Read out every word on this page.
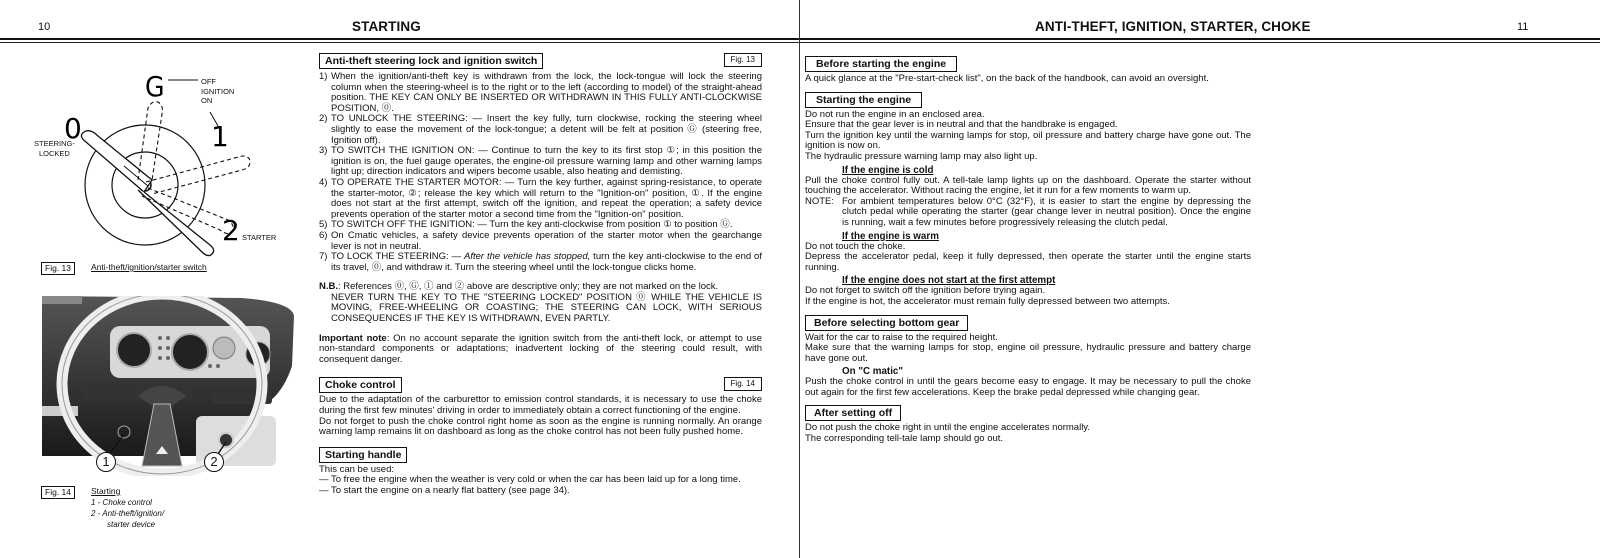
10	STARTING
G
0	1
2
OFF
IGNITION
ON
STEERING-
LOCKED
STARTER
Fig. 13	Anti-theft/ignition/starter switch
1	2
Fig. 14	Starting
1 - Choke control
2 - Anti-theft/ignition/
starter device
Anti-theft steering lock and ignition switch	Fig. 13
1) When the ignition/anti-theft key is withdrawn from the lock, the lock-tongue will lock the steering column when the steering-wheel is to the right or to the left (according to model) of the straight-ahead position. THE KEY CAN ONLY BE INSERTED OR WITHDRAWN IN THIS FULLY ANTI-CLOCKWISE POSITION, ⓪.
2) TO UNLOCK THE STEERING: — Insert the key fully, turn clockwise, rocking the steering wheel slightly to ease the movement of the lock-tongue; a detent will be felt at position Ⓖ (steering free, Ignition off).
3) TO SWITCH THE IGNITION ON: — Continue to turn the key to its first stop ①; in this position the ignition is on, the fuel gauge operates, the engine-oil pressure warning lamp and other warning lamps light up; direction indicators and wipers become usable, also heating and demisting.
4) TO OPERATE THE STARTER MOTOR: — Turn the key further, against spring-resistance, to operate the starter-motor, ②; release the key which will return to the "Ignition-on" position, ①. If the engine does not start at the first attempt, switch off the ignition, and repeat the operation; a safety device prevents operation of the starter motor a second time from the "Ignition-on" position.
5) TO SWITCH OFF THE IGNITION: — Turn the key anti-clockwise from position ① to position Ⓖ.
6) On Cmatic vehicles, a safety device prevents operation of the starter motor when the gearchange lever is not in neutral.
7) TO LOCK THE STEERING: — After the vehicle has stopped, turn the key anti-clockwise to the end of its travel, ⓪, and withdraw it. Turn the steering wheel until the lock-tongue clicks home.
N.B.: References ⓪, Ⓖ, ① and ② above are descriptive only; they are not marked on the lock.
NEVER TURN THE KEY TO THE "STEERING LOCKED" POSITION ⓪ WHILE THE VEHICLE IS MOVING, FREE-WHEELING OR COASTING; THE STEERING CAN LOCK, WITH SERIOUS CONSEQUENCES IF THE KEY IS WITHDRAWN, EVEN PARTLY.
Important note: On no account separate the ignition switch from the anti-theft lock, or attempt to use non-standard components or adaptations; inadvertent locking of the steering could result, with consequent danger.
Choke control	Fig. 14
Due to the adaptation of the carburettor to emission control standards, it is necessary to use the choke during the first few minutes' driving in order to immediately obtain a correct functioning of the engine.
Do not forget to push the choke control right home as soon as the engine is running normally. An orange warning lamp remains lit on dashboard as long as the choke control has not been fully pushed home.
Starting handle
This can be used:
— To free the engine when the weather is very cold or when the car has been laid up for a long time.
— To start the engine on a nearly flat battery (see page 34).
ANTI-THEFT, IGNITION, STARTER, CHOKE	11
Before starting the engine
A quick glance at the "Pre-start-check list", on the back of the handbook, can avoid an oversight.
Starting the engine
Do not run the engine in an enclosed area.
Ensure that the gear lever is in neutral and that the handbrake is engaged.
Turn the ignition key until the warning lamps for stop, oil pressure and battery charge have gone out. The ignition is now on.
The hydraulic pressure warning lamp may also light up.
If the engine is cold
Pull the choke control fully out. A tell-tale lamp lights up on the dashboard. Operate the starter without touching the accelerator. Without racing the engine, let it run for a few moments to warm up.
NOTE: For ambient temperatures below 0°C (32°F), it is easier to start the engine by depressing the clutch pedal while operating the starter (gear change lever in neutral position). Once the engine is running, wait a few minutes before progressively releasing the clutch pedal.
If the engine is warm
Do not touch the choke.
Depress the accelerator pedal, keep it fully depressed, then operate the starter until the engine starts running.
If the engine does not start at the first attempt
Do not forget to switch off the ignition before trying again.
If the engine is hot, the accelerator must remain fully depressed between two attempts.
Before selecting bottom gear
Wait for the car to raise to the required height.
Make sure that the warning lamps for stop, engine oil pressure, hydraulic pressure and battery charge have gone out.
On "C matic"
Push the choke control in until the gears become easy to engage. It may be necessary to pull the choke out again for the first few accelerations. Keep the brake pedal depressed while changing gear.
After setting off
Do not push the choke right in until the engine accelerates normally.
The corresponding tell-tale lamp should go out.
